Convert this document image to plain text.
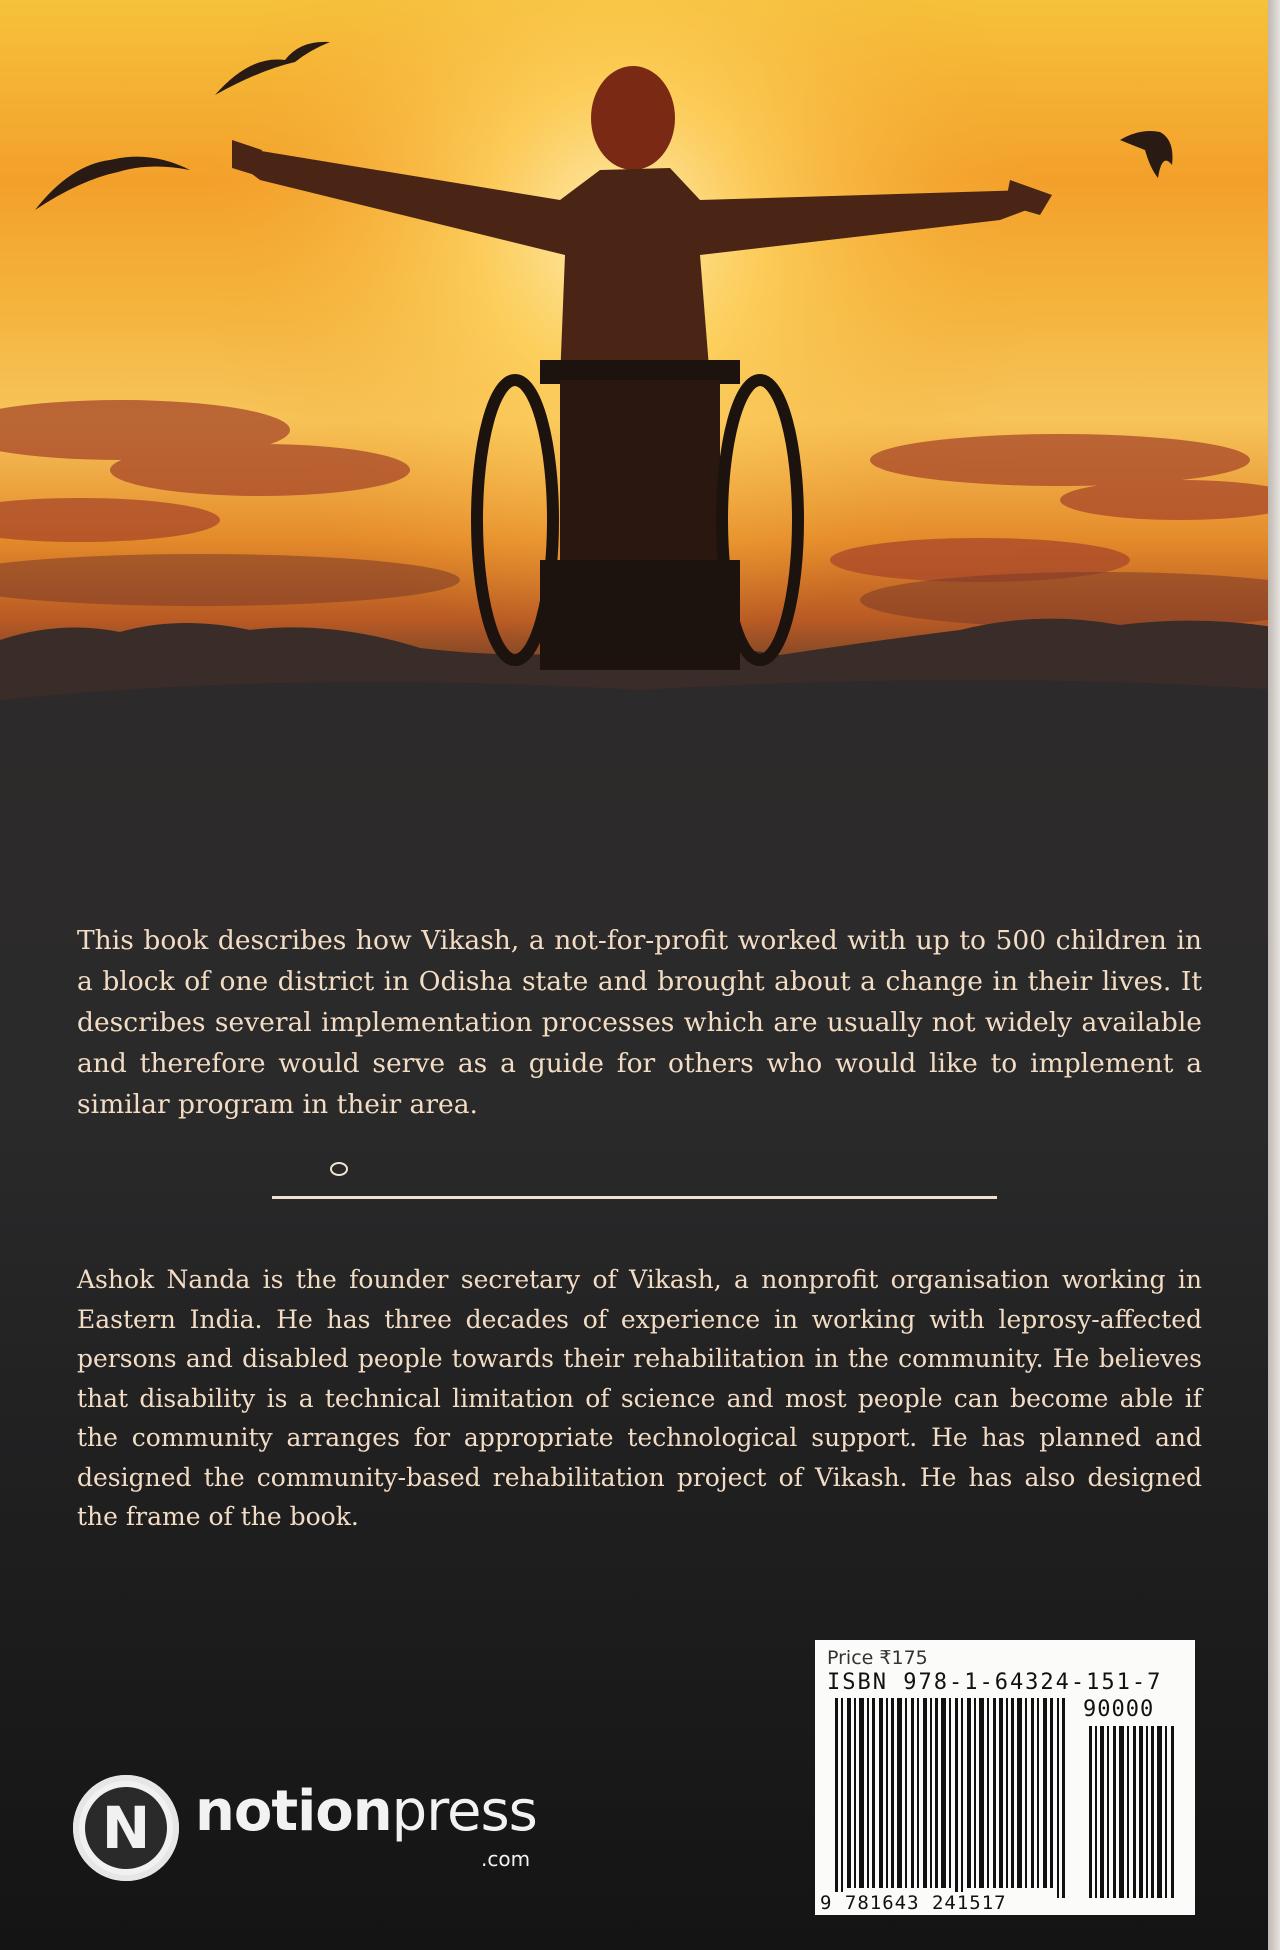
This book describes how Vikash, a not-for-profit worked with up to 500 children in a block of one district in Odisha state and brought about a change in their lives. It describes several implementation processes which are usually not widely available and therefore would serve as a guide for others who would like to implement a similar program in their area.

Ashok Nanda is the founder secretary of Vikash, a nonprofit organisation working in Eastern India. He has three decades of experience in working with leprosy-affected persons and disabled people towards their rehabilitation in the community. He believes that disability is a technical limitation of science and most people can become able if the community arranges for appropriate technological support. He has planned and designed the community-based rehabilitation project of Vikash. He has also designed the frame of the book.

Price ₹175
ISBN 978-1-64324-151-7
90000
9 781643 241517
N notionpress
.com
